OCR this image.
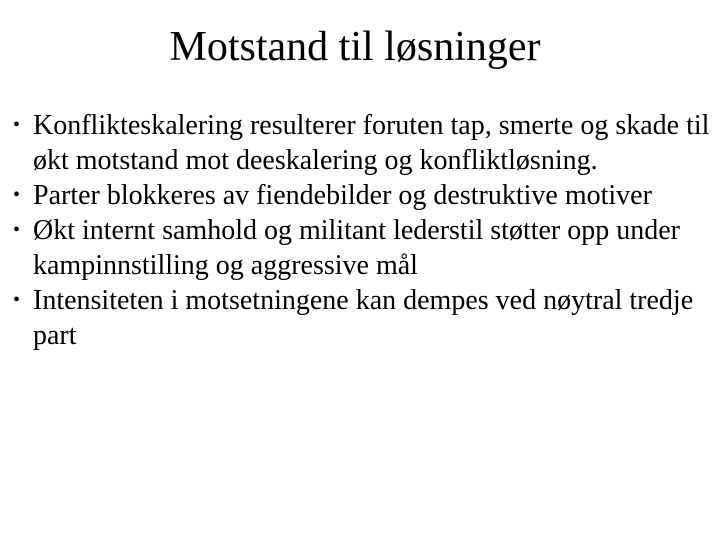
Motstand til løsninger
• Konflikteskalering resulterer foruten tap, smerte og skade til økt motstand mot deeskalering og konfliktløsning.
• Parter blokkeres av fiendebilder og destruktive motiver
• Økt internt samhold og militant lederstil støtter opp under kampinnstilling og aggressive mål
• Intensiteten i motsetningene kan dempes ved nøytral tredje part
